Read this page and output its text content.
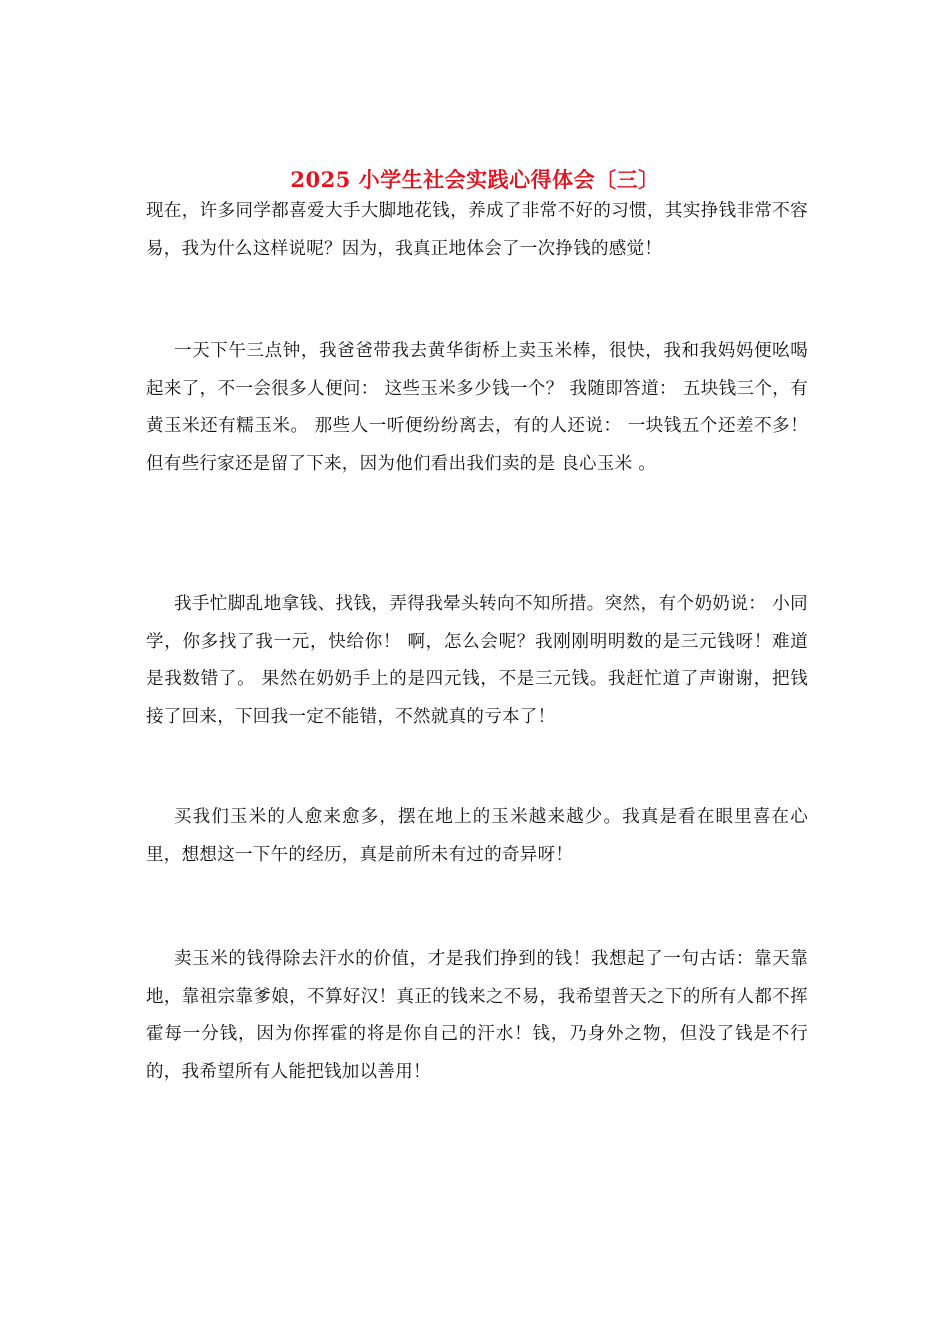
2025 小学生社会实践心得体会〔三〕

现在，许多同学都喜爱大手大脚地花钱，养成了非常不好的习惯，其实挣钱非常不容易，我为什么这样说呢？因为，我真正地体会了一次挣钱的感觉！

一天下午三点钟，我爸爸带我去黄华街桥上卖玉米棒，很快，我和我妈妈便吆喝起来了，不一会很多人便问： 这些玉米多少钱一个？ 我随即答道： 五块钱三个，有黄玉米还有糯玉米。 那些人一听便纷纷离去，有的人还说： 一块钱五个还差不多！ 但有些行家还是留了下来，因为他们看出我们卖的是 良心玉米 。

我手忙脚乱地拿钱、找钱，弄得我晕头转向不知所措。突然，有个奶奶说： 小同学，你多找了我一元，快给你！ 啊，怎么会呢？我刚刚明明数的是三元钱呀！难道是我数错了。 果然在奶奶手上的是四元钱，不是三元钱。我赶忙道了声谢谢，把钱接了回来，下回我一定不能错，不然就真的亏本了！

买我们玉米的人愈来愈多，摆在地上的玉米越来越少。我真是看在眼里喜在心里，想想这一下午的经历，真是前所未有过的奇异呀！

卖玉米的钱得除去汗水的价值，才是我们挣到的钱！我想起了一句古话：靠天靠地，靠祖宗靠爹娘，不算好汉！真正的钱来之不易，我希望普天之下的所有人都不挥霍每一分钱，因为你挥霍的将是你自己的汗水！钱，乃身外之物，但没了钱是不行的，我希望所有人能把钱加以善用！
